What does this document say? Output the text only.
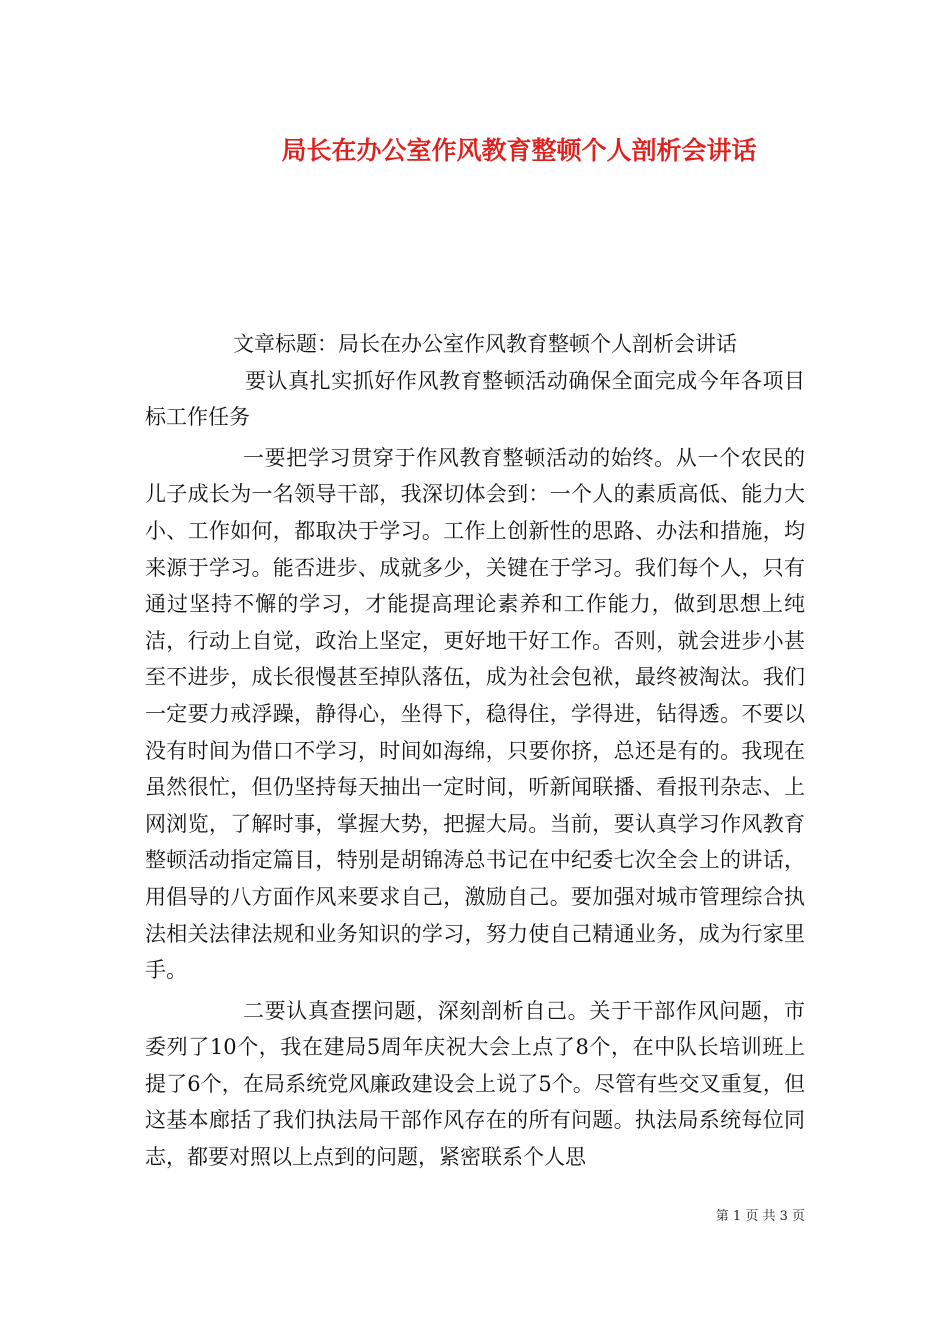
局长在办公室作风教育整顿个人剖析会讲话

文章标题：局长在办公室作风教育整顿个人剖析会讲话

要认真扎实抓好作风教育整顿活动确保全面完成今年各项目标工作任务

一要把学习贯穿于作风教育整顿活动的始终。从一个农民的儿子成长为一名领导干部，我深切体会到：一个人的素质高低、能力大小、工作如何，都取决于学习。工作上创新性的思路、办法和措施，均来源于学习。能否进步、成就多少，关键在于学习。我们每个人，只有通过坚持不懈的学习，才能提高理论素养和工作能力，做到思想上纯洁，行动上自觉，政治上坚定，更好地干好工作。否则，就会进步小甚至不进步，成长很慢甚至掉队落伍，成为社会包袱，最终被淘汰。我们一定要力戒浮躁，静得心，坐得下，稳得住，学得进，钻得透。不要以没有时间为借口不学习，时间如海绵，只要你挤，总还是有的。我现在虽然很忙，但仍坚持每天抽出一定时间，听新闻联播、看报刊杂志、上网浏览，了解时事，掌握大势，把握大局。当前，要认真学习作风教育整顿活动指定篇目，特别是胡锦涛总书记在中纪委七次全会上的讲话，用倡导的八方面作风来要求自己，激励自己。要加强对城市管理综合执法相关法律法规和业务知识的学习，努力使自己精通业务，成为行家里手。

二要认真查摆问题，深刻剖析自己。关于干部作风问题，市委列了10个，我在建局5周年庆祝大会上点了8个，在中队长培训班上提了6个，在局系统党风廉政建设会上说了5个。尽管有些交叉重复，但这基本廊括了我们执法局干部作风存在的所有问题。执法局系统每位同志，都要对照以上点到的问题，紧密联系个人思

第 1 页 共 3 页
